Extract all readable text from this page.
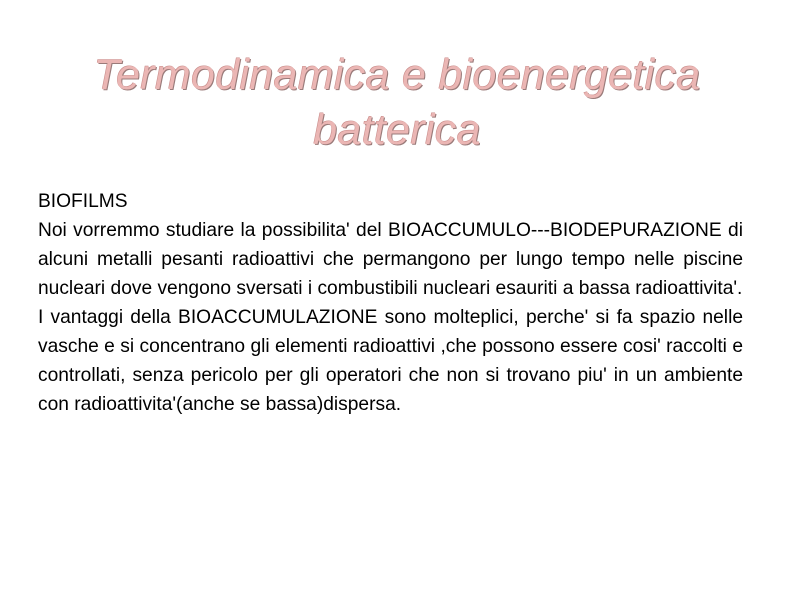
Termodinamica e bioenergetica
batterica

BIOFILMS

Noi vorremmo studiare la possibilita' del BIOACCUMULO---BIODEPURAZIONE di alcuni metalli pesanti radioattivi che permangono per lungo tempo nelle piscine nucleari dove vengono sversati i combustibili nucleari esauriti a bassa radioattivita'.

I vantaggi della BIOACCUMULAZIONE sono molteplici, perche' si fa spazio nelle vasche e si concentrano gli elementi radioattivi ,che possono essere cosi' raccolti e controllati, senza pericolo per gli operatori che non si trovano piu' in un ambiente con radioattivita'(anche se bassa)dispersa.
